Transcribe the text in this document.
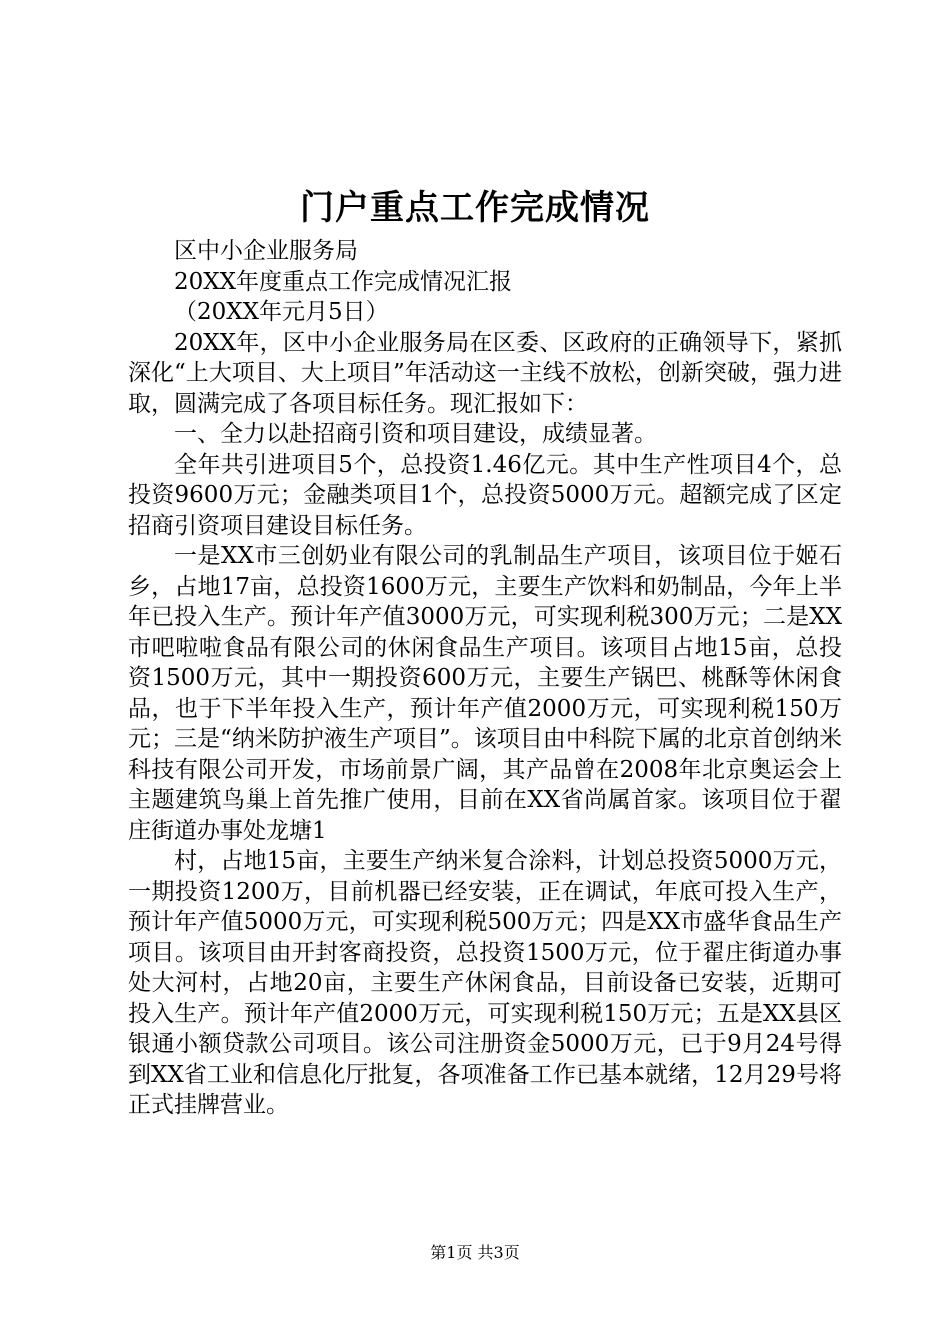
门户重点工作完成情况

区中小企业服务局

20XX年度重点工作完成情况汇报

（20XX年元月5日）

20XX年，区中小企业服务局在区委、区政府的正确领导下，紧抓深化“上大项目、大上项目”年活动这一主线不放松，创新突破，强力进取，圆满完成了各项目标任务。现汇报如下：

一、全力以赴招商引资和项目建设，成绩显著。

全年共引进项目5个，总投资1.46亿元。其中生产性项目4个，总投资9600万元；金融类项目1个，总投资5000万元。超额完成了区定招商引资项目建设目标任务。

一是XX市三创奶业有限公司的乳制品生产项目，该项目位于姬石乡，占地17亩，总投资1600万元，主要生产饮料和奶制品，今年上半年已投入生产。预计年产值3000万元，可实现利税300万元；二是XX市吧啦啦食品有限公司的休闲食品生产项目。该项目占地15亩，总投资1500万元，其中一期投资600万元，主要生产锅巴、桃酥等休闲食品，也于下半年投入生产，预计年产值2000万元，可实现利税150万元；三是“纳米防护液生产项目”。该项目由中科院下属的北京首创纳米科技有限公司开发，市场前景广阔，其产品曾在2008年北京奥运会上主题建筑鸟巢上首先推广使用，目前在XX省尚属首家。该项目位于翟庄街道办事处龙塘1

村，占地15亩，主要生产纳米复合涂料，计划总投资5000万元，一期投资1200万，目前机器已经安装，正在调试，年底可投入生产，预计年产值5000万元，可实现利税500万元；四是XX市盛华食品生产项目。该项目由开封客商投资，总投资1500万元，位于翟庄街道办事处大河村，占地20亩，主要生产休闲食品，目前设备已安装，近期可投入生产。预计年产值2000万元，可实现利税150万元；五是XX县区银通小额贷款公司项目。该公司注册资金5000万元，已于9月24号得到XX省工业和信息化厅批复，各项准备工作已基本就绪，12月29号将正式挂牌营业。

第1页 共3页
